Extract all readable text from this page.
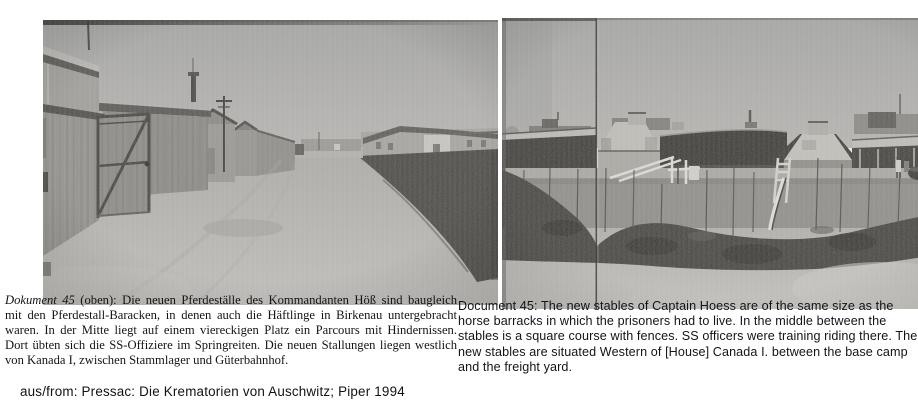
Dokument 45 (oben): Die neuen Pferdeställe des Kommandanten Höß sind baugleich
mit den Pferdestall-Baracken, in denen auch die Häftlinge in Birkenau untergebracht
waren. In der Mitte liegt auf einem viereckigen Platz ein Parcours mit Hindernissen.
Dort übten sich die SS-Offiziere im Springreiten. Die neuen Stallungen liegen westlich
von Kanada I, zwischen Stammlager und Güterbahnhof.
Document 45: The new stables of Captain Hoess are of the same size as the
horse barracks in which the prisoners had to live. In the middle between the
stables is a square course with fences. SS officers were training riding there. The
new stables are situated Western of [House] Canada I. between the base camp
and the freight yard.
aus/from: Pressac: Die Krematorien von Auschwitz; Piper 1994
